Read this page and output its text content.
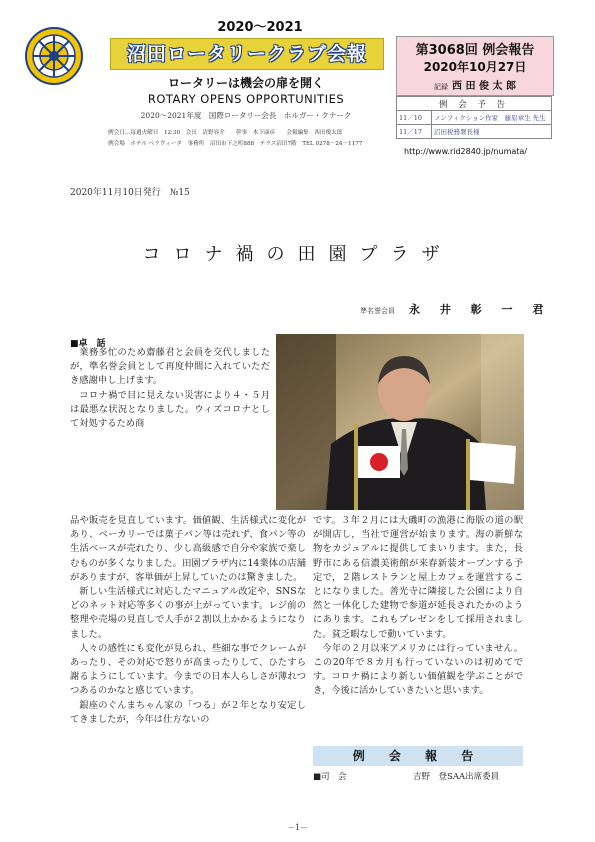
2020～2021
沼田ロータリークラブ会報
ロータリーは機会の扉を開く
ROTARY OPENS OPPORTUNITIES
2020～2021年度　国際ロータリー会長　ホルガー・クナーク
例会日…毎週火曜日　12:30　会長　清野容介　　幹事　木下康彦　　会報編集　西田俊太郎
例会場　ホテル ベラヴィータ　事務所　沼田市下之町888　テラス沼田7階　TEL 0278－24－1177
第3068回 例会報告
2020年10月27日
記録 西 田 俊 太 郎
例 会 予 告	
11／10	ノンフィクション作家　藤原章生 先生
11／17	沼田税務署長様
http://www.rid2840.jp/numata/
2020年11月10日発行　№15
コロナ禍の田園プラザ
準名誉会員 永 井 彰 一 君
■卓　話

業務多忙のため齋藤君と会員を交代しましたが，準名誉会員として再度仲間に入れていただき感謝申し上げます。

コロナ禍で目に見えない災害により４・５月は最悪な状況となりました。ウィズコロナとして対処するため商

品や販売を見直しています。価値観、生活様式に変化があり、ベーカリーでは菓子パン等は売れず、食パン等の生活ベースが売れたり、少し高級感で自分や家族で楽しむものが多くなりました。田園プラザ内に14業体の店舗がありますが、客単価が上昇していたのは驚きました。

新しい生活様式に対応したマニュアル改定や、SNSなどのネット対応等多くの事が上がっています。レジ前の整理や売場の見直しで人手が２割以上かかるようになりました。

人々の感性にも変化が見られ、些細な事でクレームがあったり、その対応で怒りが高まったりして、ひたすら謝るようにしています。今までの日本人らしさが薄れつつあるのかなと感じています。

銀座のぐんまちゃん家の「つる」が２年となり安定してきましたが，今年は仕方ないの

です。３年２月には大磯町の漁港に海版の道の駅が開店し，当社で運営が始まります。海の新鮮な物をカジュアルに提供してまいります。また，長野市にある信濃美術館が来春新装オープンする予定で，２階レストランと屋上カフェを運営することになりました。善光寺に隣接した公園により自然と一体化した建物で参道が延長されたかのようにあります。これもプレゼンをして採用されました。貧乏暇なしで動いています。

今年の２月以来アメリカには行っていません。この20年で８カ月も行っていないのは初めてです。コロナ禍により新しい価値観を学ぶことができ，今後に活かしていきたいと思います。

例 会 報 告
■司　会	吉野　登SAA出席委員
－1－
